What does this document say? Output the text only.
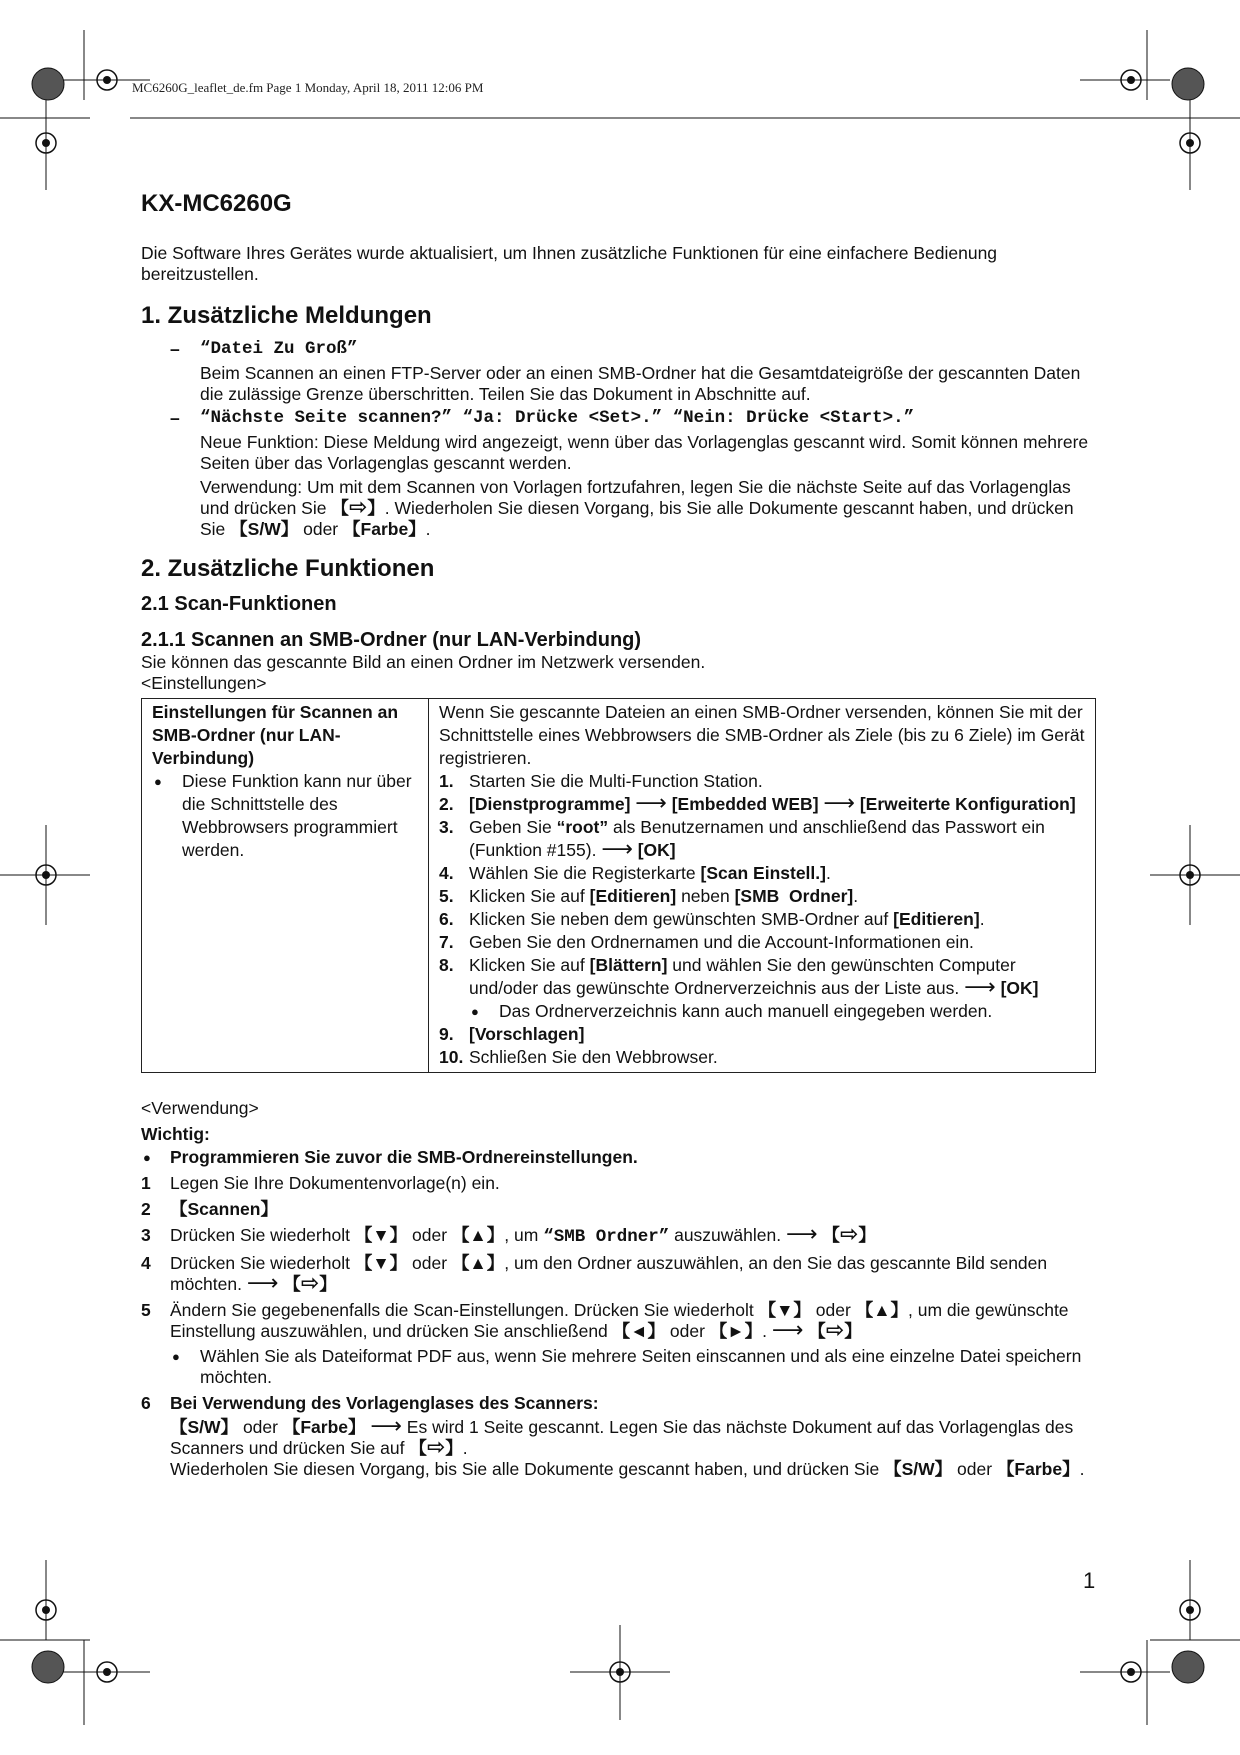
MC6260G_leaflet_de.fm Page 1 Monday, April 18, 2011 12:06 PM
KX-MC6260G

Die Software Ihres Gerätes wurde aktualisiert, um Ihnen zusätzliche Funktionen für eine einfachere Bedienung bereitzustellen.

1. Zusätzliche Meldungen
– “Datei Zu Groß”

Beim Scannen an einen FTP-Server oder an einen SMB-Ordner hat die Gesamtdateigröße der gescannten Daten die zulässige Grenze überschritten. Teilen Sie das Dokument in Abschnitte auf.

– “Nächste Seite scannen?” “Ja: Drücke <Set>.” “Nein: Drücke <Start>.”

Neue Funktion: Diese Meldung wird angezeigt, wenn über das Vorlagenglas gescannt wird. Somit können mehrere Seiten über das Vorlagenglas gescannt werden.

Verwendung: Um mit dem Scannen von Vorlagen fortzufahren, legen Sie die nächste Seite auf das Vorlagenglas und drücken Sie 【⇨】. Wiederholen Sie diesen Vorgang, bis Sie alle Dokumente gescannt haben, und drücken Sie 【S/W】 oder 【Farbe】.

2. Zusätzliche Funktionen
2.1 Scan-Funktionen
2.1.1 Scannen an SMB-Ordner (nur LAN-Verbindung)

Sie können das gescannte Bild an einen Ordner im Netzwerk versenden.

<Einstellungen>

Einstellungen für Scannen an SMB-Ordner (nur LAN-Verbindung)
● Diese Funktion kann nur über die Schnittstelle des Webbrowsers programmiert werden.

Wenn Sie gescannte Dateien an einen SMB-Ordner versenden, können Sie mit der Schnittstelle eines Webbrowsers die SMB-Ordner als Ziele (bis zu 6 Ziele) im Gerät registrieren.
1. Starten Sie die Multi-Function Station.
2. [Dienstprogramme] ⟶ [Embedded WEB] ⟶ [Erweiterte Konfiguration]
3. Geben Sie “root” als Benutzernamen und anschließend das Passwort ein (Funktion #155). ⟶ [OK]
4. Wählen Sie die Registerkarte [Scan Einstell.].
5. Klicken Sie auf [Editieren] neben [SMB  Ordner].
6. Klicken Sie neben dem gewünschten SMB-Ordner auf [Editieren].
7. Geben Sie den Ordnernamen und die Account-Informationen ein.
8. Klicken Sie auf [Blättern] und wählen Sie den gewünschten Computer und/oder das gewünschte Ordnerverzeichnis aus der Liste aus. ⟶ [OK]
● Das Ordnerverzeichnis kann auch manuell eingegeben werden.
9. [Vorschlagen]
10. Schließen Sie den Webbrowser.

<Verwendung>

Wichtig:

● Programmieren Sie zuvor die SMB-Ordnereinstellungen.
1 Legen Sie Ihre Dokumentenvorlage(n) ein.
2 【Scannen】
3 Drücken Sie wiederholt 【▼】 oder 【▲】, um “SMB Ordner” auszuwählen. ⟶ 【⇨】
4 Drücken Sie wiederholt 【▼】 oder 【▲】, um den Ordner auszuwählen, an den Sie das gescannte Bild senden möchten. ⟶ 【⇨】
5 Ändern Sie gegebenenfalls die Scan-Einstellungen. Drücken Sie wiederholt 【▼】 oder 【▲】, um die gewünschte Einstellung auszuwählen, und drücken Sie anschließend 【◄】 oder 【►】. ⟶ 【⇨】
● Wählen Sie als Dateiformat PDF aus, wenn Sie mehrere Seiten einscannen und als eine einzelne Datei speichern möchten.
6 Bei Verwendung des Vorlagenglases des Scanners:
【S/W】 oder 【Farbe】 ⟶ Es wird 1 Seite gescannt. Legen Sie das nächste Dokument auf das Vorlagenglas des Scanners und drücken Sie auf 【⇨】.
Wiederholen Sie diesen Vorgang, bis Sie alle Dokumente gescannt haben, und drücken Sie 【S/W】 oder 【Farbe】.
1
